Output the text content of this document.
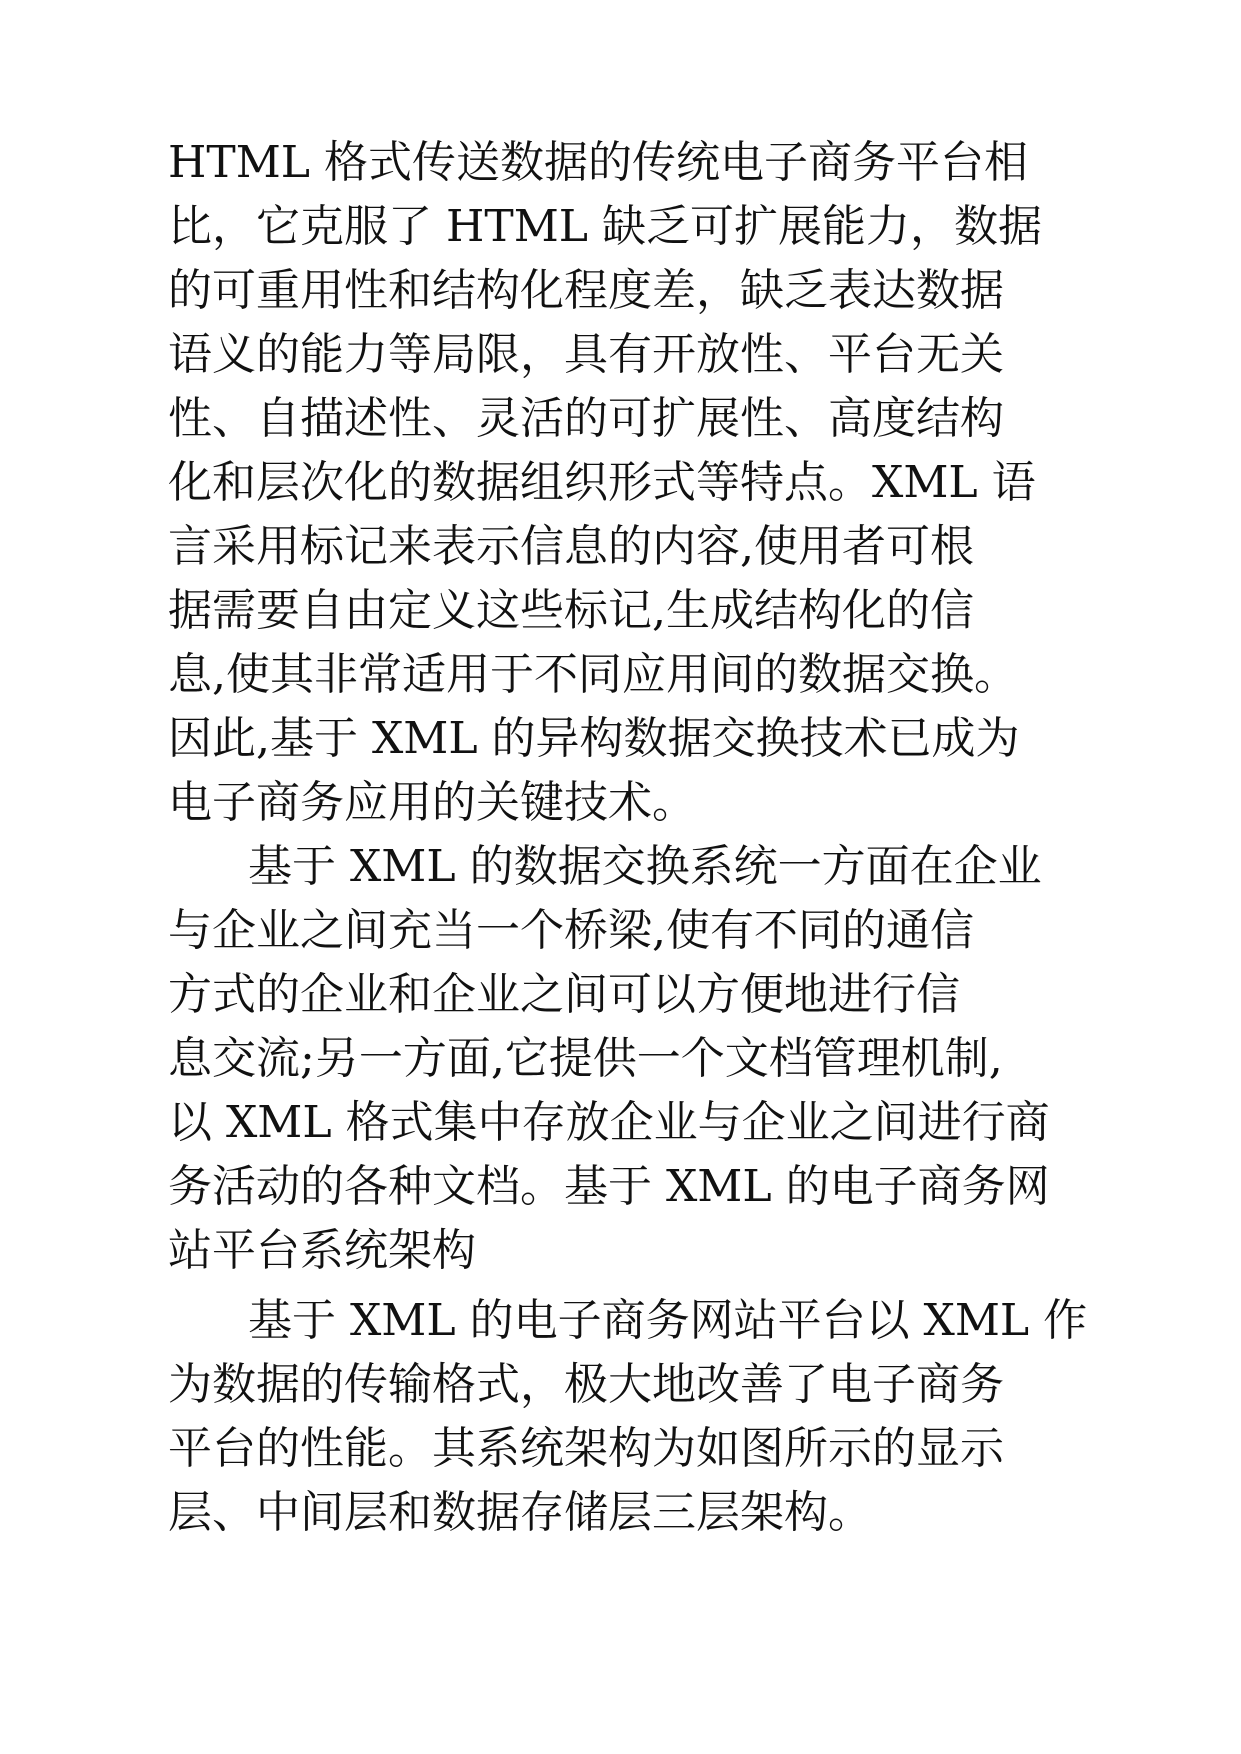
HTML 格式传送数据的传统电子商务平台相
比，它克服了 HTML 缺乏可扩展能力，数据
的可重用性和结构化程度差，缺乏表达数据
语义的能力等局限，具有开放性、平台无关
性、自描述性、灵活的可扩展性、高度结构
化和层次化的数据组织形式等特点。XML 语
言采用标记来表示信息的内容,使用者可根
据需要自由定义这些标记,生成结构化的信
息,使其非常适用于不同应用间的数据交换。
因此,基于 XML 的异构数据交换技术已成为
电子商务应用的关键技术。
基于 XML 的数据交换系统一方面在企业
与企业之间充当一个桥梁,使有不同的通信
方式的企业和企业之间可以方便地进行信
息交流;另一方面,它提供一个文档管理机制,
以 XML 格式集中存放企业与企业之间进行商
务活动的各种文档。基于 XML 的电子商务网
站平台系统架构
基于 XML 的电子商务网站平台以 XML 作
为数据的传输格式，极大地改善了电子商务
平台的性能。其系统架构为如图所示的显示
层、中间层和数据存储层三层架构。
